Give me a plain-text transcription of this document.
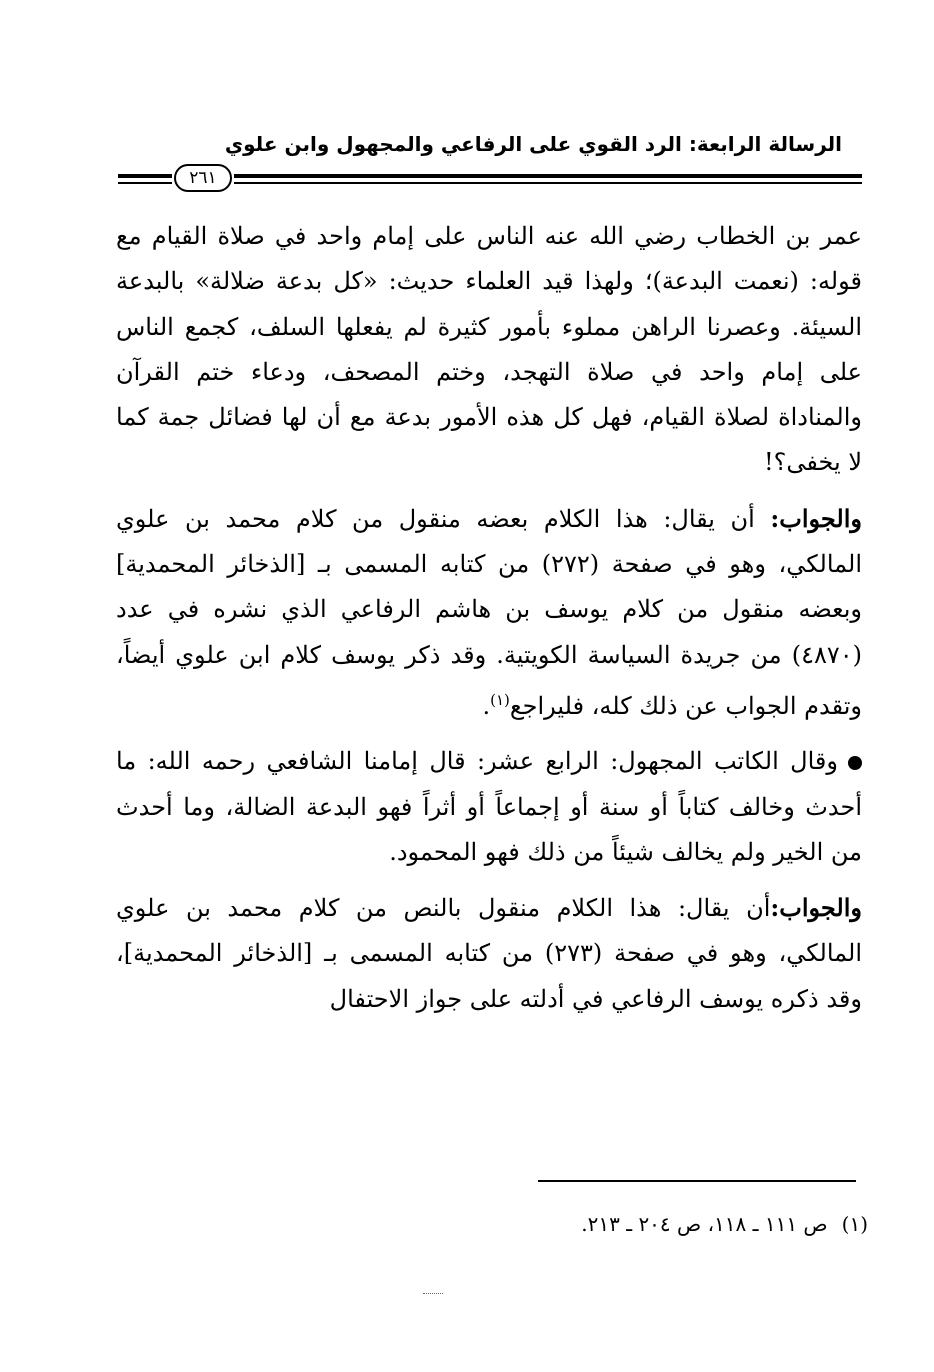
الرسالة الرابعة: الرد القوي على الرفاعي والمجهول وابن علوي
٢٦١

عمر بن الخطاب رضي الله عنه الناس على إمام واحد في صلاة القيام مع قوله: (نعمت البدعة)؛ ولهذا قيد العلماء حديث: «كل بدعة ضلالة» بالبدعة السيئة. وعصرنا الراهن مملوء بأمور كثيرة لم يفعلها السلف، كجمع الناس على إمام واحد في صلاة التهجد، وختم المصحف، ودعاء ختم القرآن والمناداة لصلاة القيام، فهل كل هذه الأمور بدعة مع أن لها فضائل جمة كما لا يخفى؟!

والجواب: أن يقال: هذا الكلام بعضه منقول من كلام محمد بن علوي المالكي، وهو في صفحة (٢٧٢) من كتابه المسمى بـ [الذخائر المحمدية] وبعضه منقول من كلام يوسف بن هاشم الرفاعي الذي نشره في عدد (٤٨٧٠) من جريدة السياسة الكويتية. وقد ذكر يوسف كلام ابن علوي أيضاً، وتقدم الجواب عن ذلك كله، فليراجع$^{(١)}$.

وقال الكاتب المجهول: الرابع عشر: قال إمامنا الشافعي رحمه الله: ما أحدث وخالف كتاباً أو سنة أو إجماعاً أو أثراً فهو البدعة الضالة، وما أحدث من الخير ولم يخالف شيئاً من ذلك فهو المحمود.

والجواب:أن يقال: هذا الكلام منقول بالنص من كلام محمد بن علوي المالكي، وهو في صفحة (٢٧٣) من كتابه المسمى بـ [الذخائر المحمدية]، وقد ذكره يوسف الرفاعي في أدلته على جواز الاحتفال

(١)ص ١١١ ـ ١١٨، ص ٢٠٤ ـ ٢١٣.
